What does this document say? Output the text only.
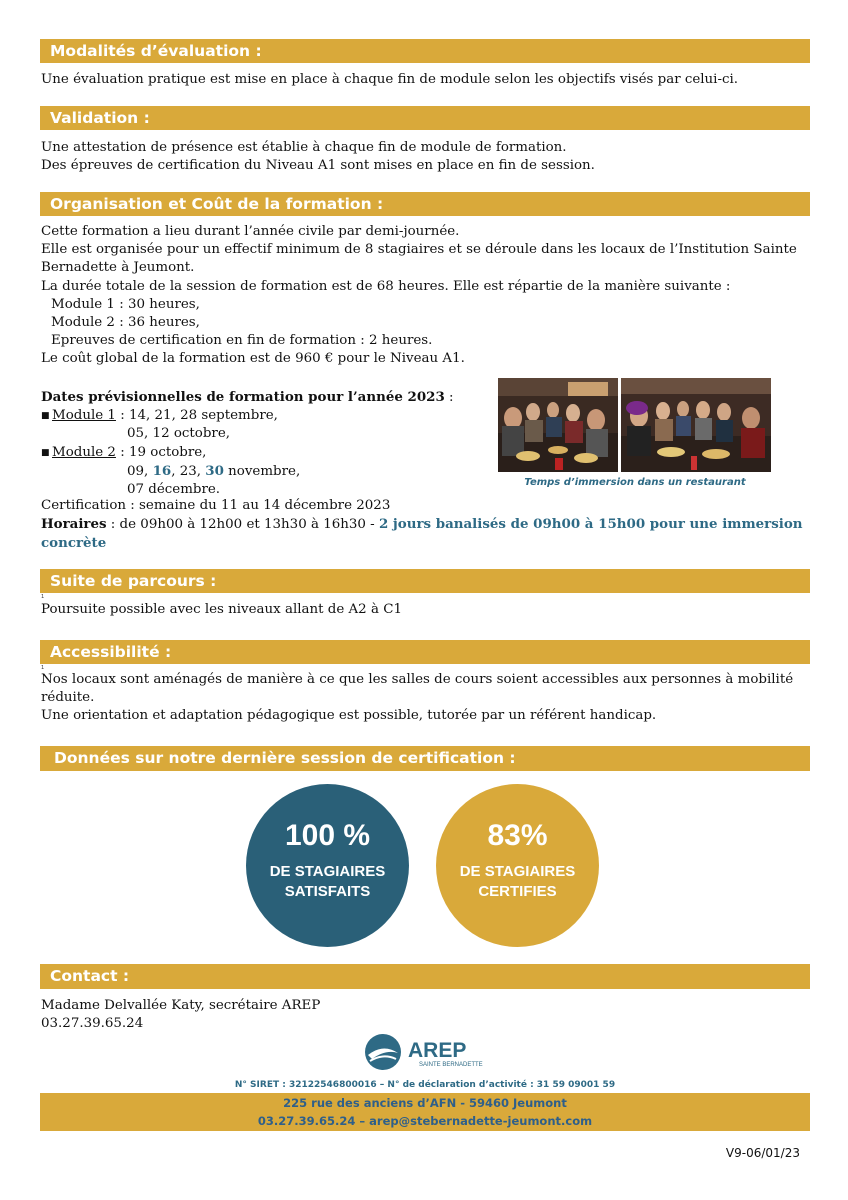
Modalités d’évaluation :

Une évaluation pratique est mise en place à chaque fin de module selon les objectifs visés par celui-ci.

Validation :

Une attestation de présence est établie à chaque fin de module de formation.

Des épreuves de certification du Niveau A1 sont mises en place en fin de session.

Organisation et Coût de la formation :

Cette formation a lieu durant l’année civile par demi-journée.

Elle est organisée pour un effectif minimum de 8 stagiaires et se déroule dans les locaux de l’Institution Sainte Bernadette à Jeumont.

La durée totale de la session de formation est de 68 heures. Elle est répartie de la manière suivante :

Module 1 : 30 heures,

Module 2 : 36 heures,

Epreuves de certification en fin de formation : 2 heures.

Le coût global de la formation est de 960 € pour le Niveau A1.

Dates prévisionnelles de formation pour l’année 2023 :

■ Module 1 : 14, 21, 28 septembre,

05, 12 octobre,

■ Module 2 : 19 octobre,

09, 16, 23, 30 novembre,

07 décembre.

Certification : semaine du 11 au 14 décembre 2023

Horaires : de 09h00 à 12h00 et 13h30 à 16h30 - 2 jours banalisés de 09h00 à 15h00 pour une immersion concrète

Temps d’immersion dans un restaurant
Suite de parcours :
1

Poursuite possible avec les niveaux allant de A2 à C1

Accessibilité :
1

Nos locaux sont aménagés de manière à ce que les salles de cours soient accessibles aux personnes à mobilité réduite.

Une orientation et adaptation pédagogique est possible, tutorée par un référent handicap.

Données sur notre dernière session de certification :
100 %
DE STAGIAIRES
SATISFAITS
83%
DE STAGIAIRES
CERTIFIES
Contact :

Madame Delvallée Katy, secrétaire AREP

03.27.39.65.24

AREP
SAINTE BERNADETTE
N° SIRET : 32122546800016 – N° de déclaration d’activité : 31 59 09001 59
225 rue des anciens d’AFN - 59460 Jeumont
03.27.39.65.24 – arep@stebernadette-jeumont.com
V9-06/01/23
